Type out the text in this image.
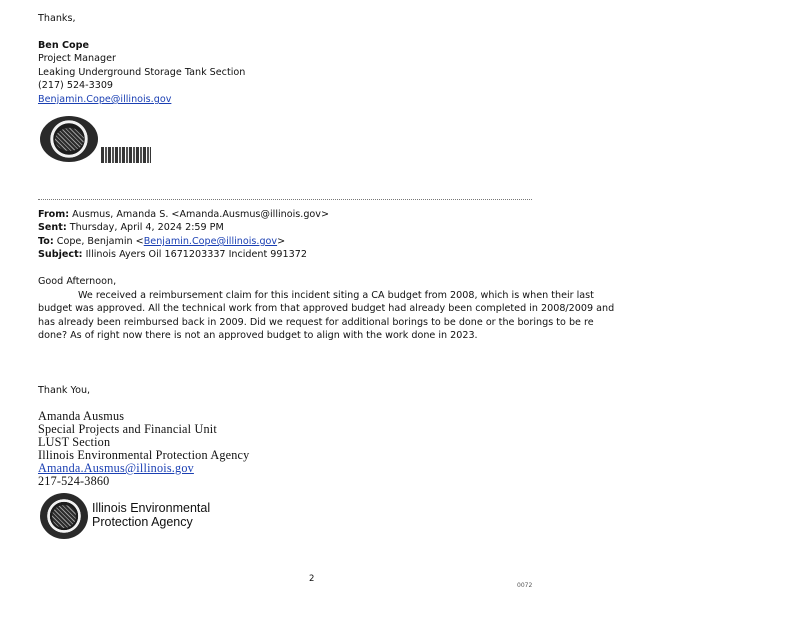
Thanks,
Ben Cope
Project Manager
Leaking Underground Storage Tank Section
(217) 524-3309
Benjamin.Cope@illinois.gov
From: Ausmus, Amanda S. <Amanda.Ausmus@illinois.gov>
Sent: Thursday, April 4, 2024 2:59 PM
To: Cope, Benjamin <Benjamin.Cope@illinois.gov>
Subject: Illinois Ayers Oil 1671203337 Incident 991372
Good Afternoon,
We received a reimbursement claim for this incident siting a CA budget from 2008, which is when their last
budget was approved. All the technical work from that approved budget had already been completed in 2008/2009 and
has already been reimbursed back in 2009. Did we request for additional borings to be done or the borings to be re
done? As of right now there is not an approved budget to align with the work done in 2023.
Thank You,
Amanda Ausmus
Special Projects and Financial Unit
LUST Section
Illinois Environmental Protection Agency
Amanda.Ausmus@illinois.gov
217-524-3860
Illinois Environmental
Protection Agency
2
0072
